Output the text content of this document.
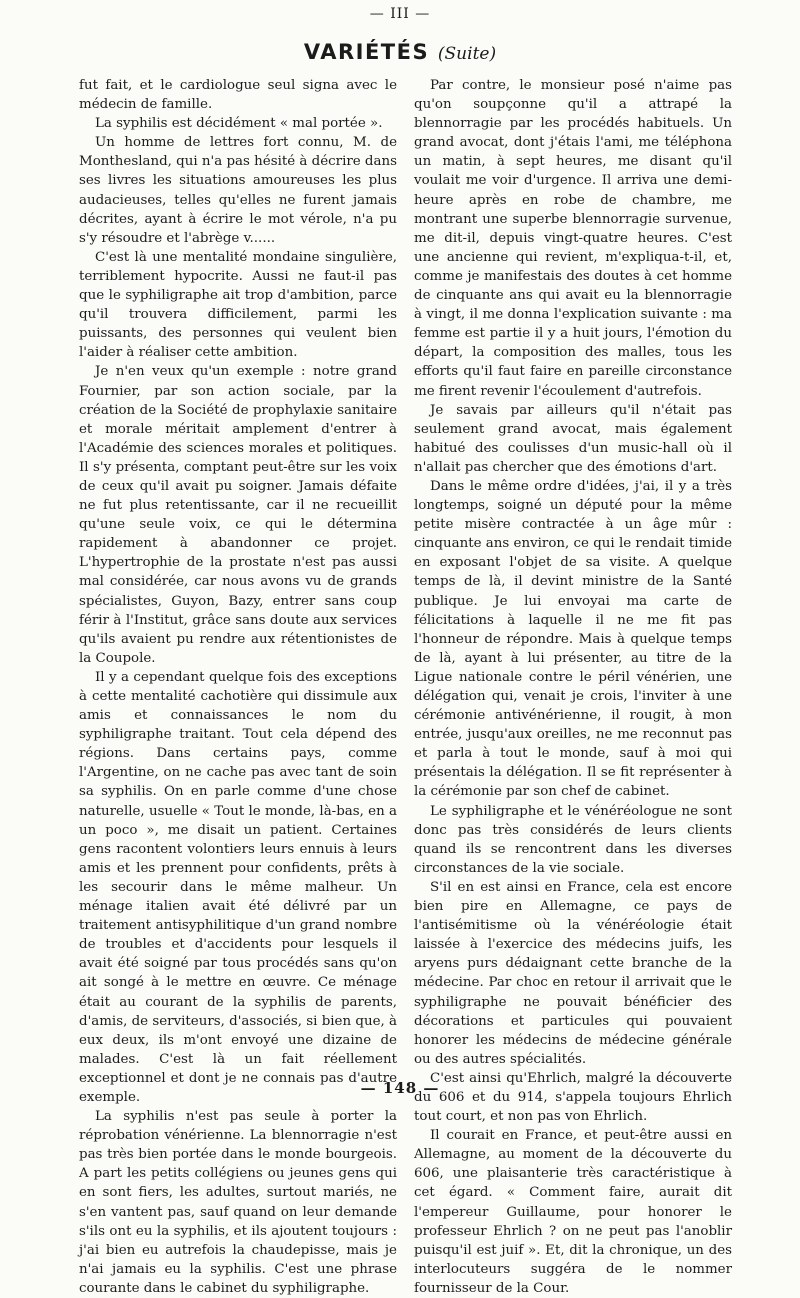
— III —
VARIÉTÉS (Suite)

fut fait, et le cardiologue seul signa avec le médecin de famille.

La syphilis est décidément « mal portée ».

Un homme de lettres fort connu, M. de Monthesland, qui n'a pas hésité à décrire dans ses livres les situations amoureuses les plus audacieuses, telles qu'elles ne furent jamais décrites, ayant à écrire le mot vérole, n'a pu s'y résoudre et l'abrège v......

C'est là une mentalité mondaine singulière, terriblement hypocrite. Aussi ne faut-il pas que le syphiligraphe ait trop d'ambition, parce qu'il trouvera difficilement, parmi les puissants, des personnes qui veulent bien l'aider à réaliser cette ambition.

Je n'en veux qu'un exemple : notre grand Fournier, par son action sociale, par la création de la Société de prophylaxie sanitaire et morale méritait amplement d'entrer à l'Académie des sciences morales et politiques. Il s'y présenta, comptant peut-être sur les voix de ceux qu'il avait pu soigner. Jamais défaite ne fut plus retentissante, car il ne recueillit qu'une seule voix, ce qui le détermina rapidement à abandonner ce projet. L'hypertrophie de la prostate n'est pas aussi mal considérée, car nous avons vu de grands spécialistes, Guyon, Bazy, entrer sans coup férir à l'Institut, grâce sans doute aux services qu'ils avaient pu rendre aux rétentionistes de la Coupole.

Il y a cependant quelque fois des exceptions à cette mentalité cachotière qui dissimule aux amis et connaissances le nom du syphiligraphe traitant. Tout cela dépend des régions. Dans certains pays, comme l'Argentine, on ne cache pas avec tant de soin sa syphilis. On en parle comme d'une chose naturelle, usuelle « Tout le monde, là-bas, en a un poco », me disait un patient. Certaines gens racontent volontiers leurs ennuis à leurs amis et les prennent pour confidents, prêts à les secourir dans le même malheur. Un ménage italien avait été délivré par un traitement antisyphilitique d'un grand nombre de troubles et d'accidents pour lesquels il avait été soigné par tous procédés sans qu'on ait songé à le mettre en œuvre. Ce ménage était au courant de la syphilis de parents, d'amis, de serviteurs, d'associés, si bien que, à eux deux, ils m'ont envoyé une dizaine de malades. C'est là un fait réellement exceptionnel et dont je ne connais pas d'autre exemple.

La syphilis n'est pas seule à porter la réprobation vénérienne. La blennorragie n'est pas très bien portée dans le monde bourgeois. A part les petits collégiens ou jeunes gens qui en sont fiers, les adultes, surtout mariés, ne s'en vantent pas, sauf quand on leur demande s'ils ont eu la syphilis, et ils ajoutent toujours : j'ai bien eu autrefois la chaudepisse, mais je n'ai jamais eu la syphilis. C'est une phrase courante dans le cabinet du syphiligraphe.

Par contre, le monsieur posé n'aime pas qu'on soupçonne qu'il a attrapé la blennorragie par les procédés habituels. Un grand avocat, dont j'étais l'ami, me téléphona un matin, à sept heures, me disant qu'il voulait me voir d'urgence. Il arriva une demi-heure après en robe de chambre, me montrant une superbe blennorragie survenue, me dit-il, depuis vingt-quatre heures. C'est une ancienne qui revient, m'expliqua-t-il, et, comme je manifestais des doutes à cet homme de cinquante ans qui avait eu la blennorragie à vingt, il me donna l'explication suivante : ma femme est partie il y a huit jours, l'émotion du départ, la composition des malles, tous les efforts qu'il faut faire en pareille circonstance me firent revenir l'écoulement d'autrefois.

Je savais par ailleurs qu'il n'était pas seulement grand avocat, mais également habitué des coulisses d'un music-hall où il n'allait pas chercher que des émotions d'art.

Dans le même ordre d'idées, j'ai, il y a très longtemps, soigné un député pour la même petite misère contractée à un âge mûr : cinquante ans environ, ce qui le rendait timide en exposant l'objet de sa visite. A quelque temps de là, il devint ministre de la Santé publique. Je lui envoyai ma carte de félicitations à laquelle il ne me fit pas l'honneur de répondre. Mais à quelque temps de là, ayant à lui présenter, au titre de la Ligue nationale contre le péril vénérien, une délégation qui, venait je crois, l'inviter à une cérémonie antivénérienne, il rougit, à mon entrée, jusqu'aux oreilles, ne me reconnut pas et parla à tout le monde, sauf à moi qui présentais la délégation. Il se fit représenter à la cérémonie par son chef de cabinet.

Le syphiligraphe et le vénéréologue ne sont donc pas très considérés de leurs clients quand ils se rencontrent dans les diverses circonstances de la vie sociale.

S'il en est ainsi en France, cela est encore bien pire en Allemagne, ce pays de l'antisémitisme où la vénéréologie était laissée à l'exercice des médecins juifs, les aryens purs dédaignant cette branche de la médecine. Par choc en retour il arrivait que le syphiligraphe ne pouvait bénéficier des décorations et particules qui pouvaient honorer les médecins de médecine générale ou des autres spécialités.

C'est ainsi qu'Ehrlich, malgré la découverte du 606 et du 914, s'appela toujours Ehrlich tout court, et non pas von Ehrlich.

Il courait en France, et peut-être aussi en Allemagne, au moment de la découverte du 606, une plaisanterie très caractéristique à cet égard. « Comment faire, aurait dit l'empereur Guillaume, pour honorer le professeur Ehrlich ? on ne peut pas l'anoblir puisqu'il est juif ». Et, dit la chronique, un des interlocuteurs suggéra de le nommer fournisseur de la Cour.

— 148 —
